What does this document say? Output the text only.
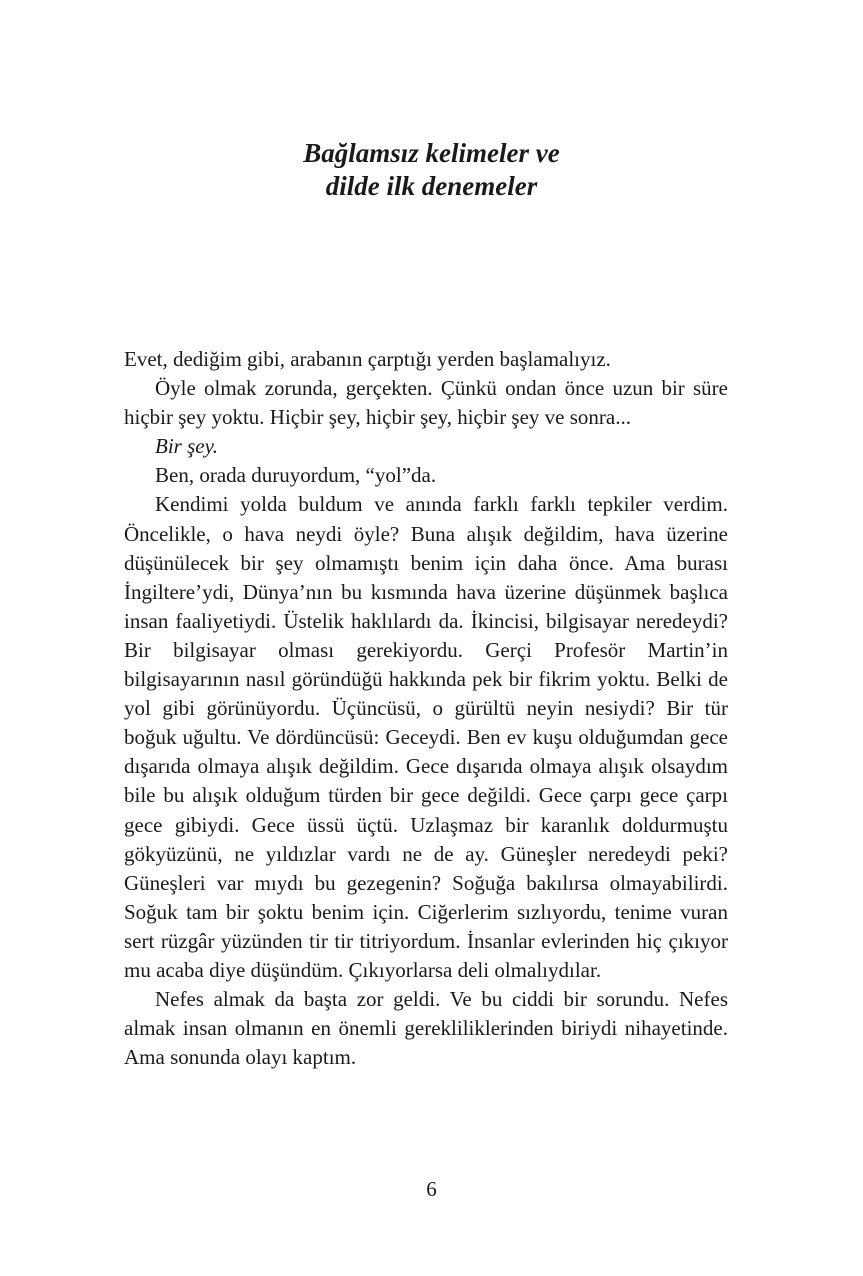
Bağlamsız kelimeler ve
dilde ilk denemeler

Evet, dediğim gibi, arabanın çarptığı yerden başlamalıyız.

Öyle olmak zorunda, gerçekten. Çünkü ondan önce uzun bir süre hiçbir şey yoktu. Hiçbir şey, hiçbir şey, hiçbir şey ve sonra...

Bir şey.

Ben, orada duruyordum, “yol”da.

Kendimi yolda buldum ve anında farklı farklı tepkiler verdim. Öncelikle, o hava neydi öyle? Buna alışık değildim, hava üzerine düşünülecek bir şey olmamıştı benim için daha önce. Ama burası İngiltere’ydi, Dünya’nın bu kısmında hava üzerine düşünmek başlıca insan faaliyetiydi. Üstelik haklılardı da. İkincisi, bilgisayar neredeydi? Bir bilgisayar olması gerekiyordu. Gerçi Profesör Martin’in bilgisayarının nasıl göründüğü hakkında pek bir fikrim yoktu. Belki de yol gibi görünüyordu. Üçüncüsü, o gürültü neyin nesiydi? Bir tür boğuk uğultu. Ve dördüncüsü: Geceydi. Ben ev kuşu olduğumdan gece dışarıda olmaya alışık değildim. Gece dışarıda olmaya alışık olsaydım bile bu alışık olduğum türden bir gece değildi. Gece çarpı gece çarpı gece gibiydi. Gece üssü üçtü. Uzlaşmaz bir karanlık doldurmuştu gökyüzünü, ne yıldızlar vardı ne de ay. Güneşler neredeydi peki? Güneşleri var mıydı bu gezegenin? Soğuğa bakılırsa olmayabilirdi. Soğuk tam bir şoktu benim için. Ciğerlerim sızlıyordu, tenime vuran sert rüzgâr yüzünden tir tir titriyordum. İnsanlar evlerinden hiç çıkıyor mu acaba diye düşündüm. Çıkıyorlarsa deli olmalıydılar.

Nefes almak da başta zor geldi. Ve bu ciddi bir sorundu. Nefes almak insan olmanın en önemli gerekliliklerinden biriydi nihayetinde. Ama sonunda olayı kaptım.

6
